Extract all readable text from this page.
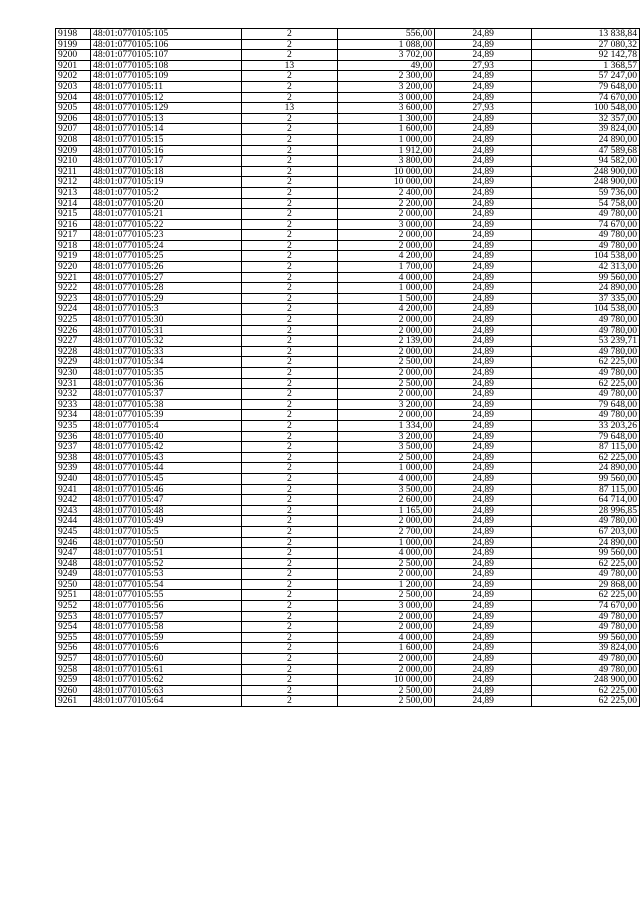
9198	48:01:0770105:105	2	556,00	24,89	13 838,84
9199	48:01:0770105:106	2	1 088,00	24,89	27 080,32
9200	48:01:0770105:107	2	3 702,00	24,89	92 142,78
9201	48:01:0770105:108	13	49,00	27,93	1 368,57
9202	48:01:0770105:109	2	2 300,00	24,89	57 247,00
9203	48:01:0770105:11	2	3 200,00	24,89	79 648,00
9204	48:01:0770105:12	2	3 000,00	24,89	74 670,00
9205	48:01:0770105:129	13	3 600,00	27,93	100 548,00
9206	48:01:0770105:13	2	1 300,00	24,89	32 357,00
9207	48:01:0770105:14	2	1 600,00	24,89	39 824,00
9208	48:01:0770105:15	2	1 000,00	24,89	24 890,00
9209	48:01:0770105:16	2	1 912,00	24,89	47 589,68
9210	48:01:0770105:17	2	3 800,00	24,89	94 582,00
9211	48:01:0770105:18	2	10 000,00	24,89	248 900,00
9212	48:01:0770105:19	2	10 000,00	24,89	248 900,00
9213	48:01:0770105:2	2	2 400,00	24,89	59 736,00
9214	48:01:0770105:20	2	2 200,00	24,89	54 758,00
9215	48:01:0770105:21	2	2 000,00	24,89	49 780,00
9216	48:01:0770105:22	2	3 000,00	24,89	74 670,00
9217	48:01:0770105:23	2	2 000,00	24,89	49 780,00
9218	48:01:0770105:24	2	2 000,00	24,89	49 780,00
9219	48:01:0770105:25	2	4 200,00	24,89	104 538,00
9220	48:01:0770105:26	2	1 700,00	24,89	42 313,00
9221	48:01:0770105:27	2	4 000,00	24,89	99 560,00
9222	48:01:0770105:28	2	1 000,00	24,89	24 890,00
9223	48:01:0770105:29	2	1 500,00	24,89	37 335,00
9224	48:01:0770105:3	2	4 200,00	24,89	104 538,00
9225	48:01:0770105:30	2	2 000,00	24,89	49 780,00
9226	48:01:0770105:31	2	2 000,00	24,89	49 780,00
9227	48:01:0770105:32	2	2 139,00	24,89	53 239,71
9228	48:01:0770105:33	2	2 000,00	24,89	49 780,00
9229	48:01:0770105:34	2	2 500,00	24,89	62 225,00
9230	48:01:0770105:35	2	2 000,00	24,89	49 780,00
9231	48:01:0770105:36	2	2 500,00	24,89	62 225,00
9232	48:01:0770105:37	2	2 000,00	24,89	49 780,00
9233	48:01:0770105:38	2	3 200,00	24,89	79 648,00
9234	48:01:0770105:39	2	2 000,00	24,89	49 780,00
9235	48:01:0770105:4	2	1 334,00	24,89	33 203,26
9236	48:01:0770105:40	2	3 200,00	24,89	79 648,00
9237	48:01:0770105:42	2	3 500,00	24,89	87 115,00
9238	48:01:0770105:43	2	2 500,00	24,89	62 225,00
9239	48:01:0770105:44	2	1 000,00	24,89	24 890,00
9240	48:01:0770105:45	2	4 000,00	24,89	99 560,00
9241	48:01:0770105:46	2	3 500,00	24,89	87 115,00
9242	48:01:0770105:47	2	2 600,00	24,89	64 714,00
9243	48:01:0770105:48	2	1 165,00	24,89	28 996,85
9244	48:01:0770105:49	2	2 000,00	24,89	49 780,00
9245	48:01:0770105:5	2	2 700,00	24,89	67 203,00
9246	48:01:0770105:50	2	1 000,00	24,89	24 890,00
9247	48:01:0770105:51	2	4 000,00	24,89	99 560,00
9248	48:01:0770105:52	2	2 500,00	24,89	62 225,00
9249	48:01:0770105:53	2	2 000,00	24,89	49 780,00
9250	48:01:0770105:54	2	1 200,00	24,89	29 868,00
9251	48:01:0770105:55	2	2 500,00	24,89	62 225,00
9252	48:01:0770105:56	2	3 000,00	24,89	74 670,00
9253	48:01:0770105:57	2	2 000,00	24,89	49 780,00
9254	48:01:0770105:58	2	2 000,00	24,89	49 780,00
9255	48:01:0770105:59	2	4 000,00	24,89	99 560,00
9256	48:01:0770105:6	2	1 600,00	24,89	39 824,00
9257	48:01:0770105:60	2	2 000,00	24,89	49 780,00
9258	48:01:0770105:61	2	2 000,00	24,89	49 780,00
9259	48:01:0770105:62	2	10 000,00	24,89	248 900,00
9260	48:01:0770105:63	2	2 500,00	24,89	62 225,00
9261	48:01:0770105:64	2	2 500,00	24,89	62 225,00
